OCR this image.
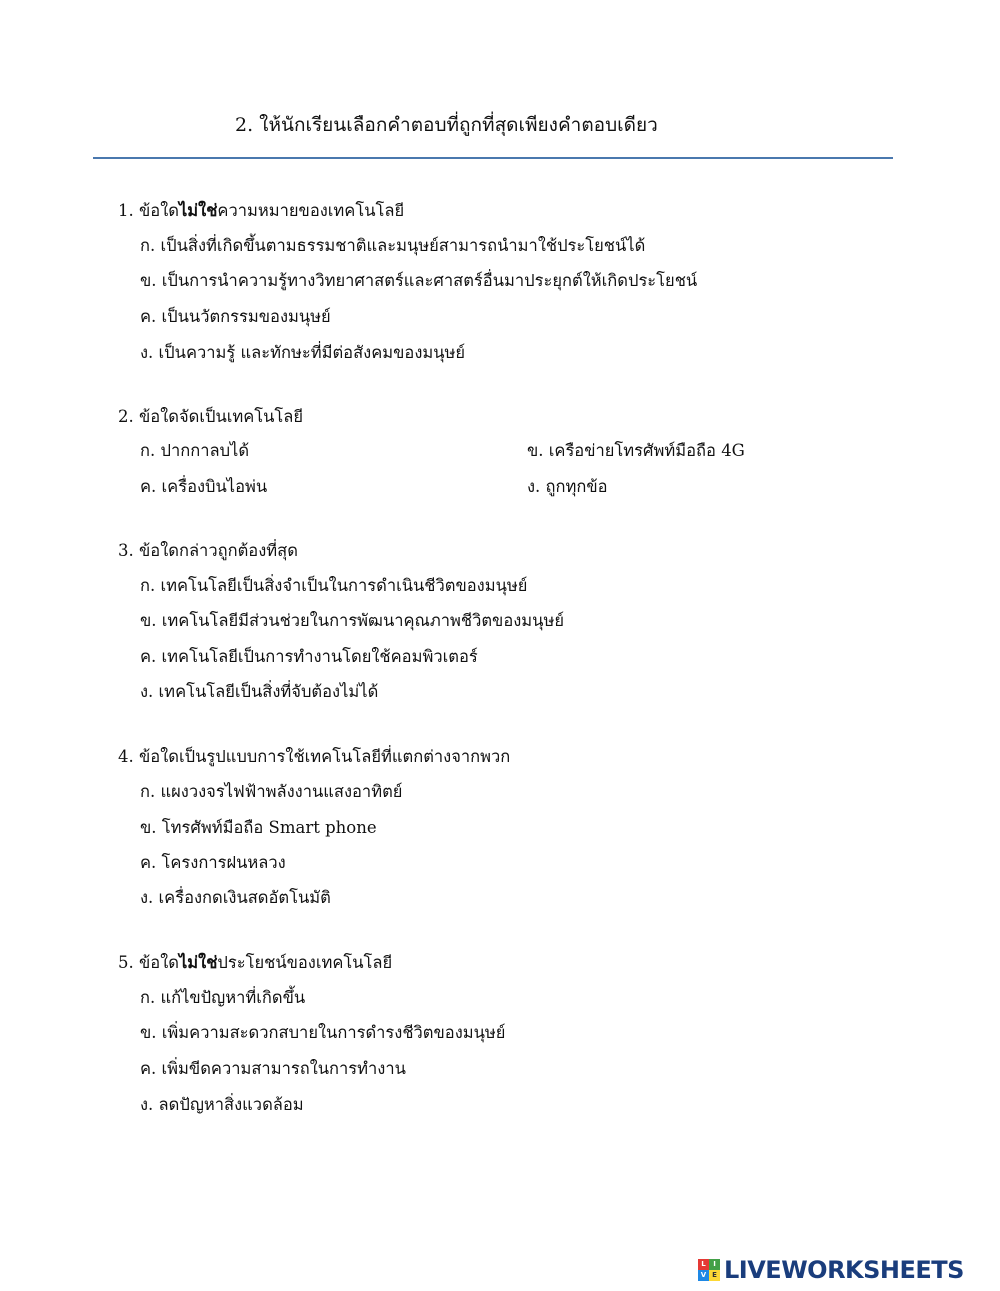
2. ให้นักเรียนเลือกคำตอบที่ถูกที่สุดเพียงคำตอบเดียว
1. ข้อใดไม่ใช่ความหมายของเทคโนโลยี
ก. เป็นสิ่งที่เกิดขึ้นตามธรรมชาติและมนุษย์สามารถนำมาใช้ประโยชน์ได้
ข. เป็นการนำความรู้ทางวิทยาศาสตร์และศาสตร์อื่นมาประยุกต์ให้เกิดประโยชน์
ค. เป็นนวัตกรรมของมนุษย์
ง. เป็นความรู้ และทักษะที่มีต่อสังคมของมนุษย์
2. ข้อใดจัดเป็นเทคโนโลยี
ก. ปากกาลบได้	ข. เครือข่ายโทรศัพท์มือถือ 4G
ค. เครื่องบินไอพ่น	ง. ถูกทุกข้อ
3. ข้อใดกล่าวถูกต้องที่สุด
ก. เทคโนโลยีเป็นสิ่งจำเป็นในการดำเนินชีวิตของมนุษย์
ข. เทคโนโลยีมีส่วนช่วยในการพัฒนาคุณภาพชีวิตของมนุษย์
ค. เทคโนโลยีเป็นการทำงานโดยใช้คอมพิวเตอร์
ง. เทคโนโลยีเป็นสิ่งที่จับต้องไม่ได้
4. ข้อใดเป็นรูปแบบการใช้เทคโนโลยีที่แตกต่างจากพวก
ก. แผงวงจรไฟฟ้าพลังงานแสงอาทิตย์
ข. โทรศัพท์มือถือ Smart phone
ค. โครงการฝนหลวง
ง. เครื่องกดเงินสดอัตโนมัติ
5. ข้อใดไม่ใช่ประโยชน์ของเทคโนโลยี
ก. แก้ไขปัญหาที่เกิดขึ้น
ข. เพิ่มความสะดวกสบายในการดำรงชีวิตของมนุษย์
ค. เพิ่มขีดความสามารถในการทำงาน
ง. ลดปัญหาสิ่งแวดล้อม
L	I
V E LIVEWORKSHEETS
